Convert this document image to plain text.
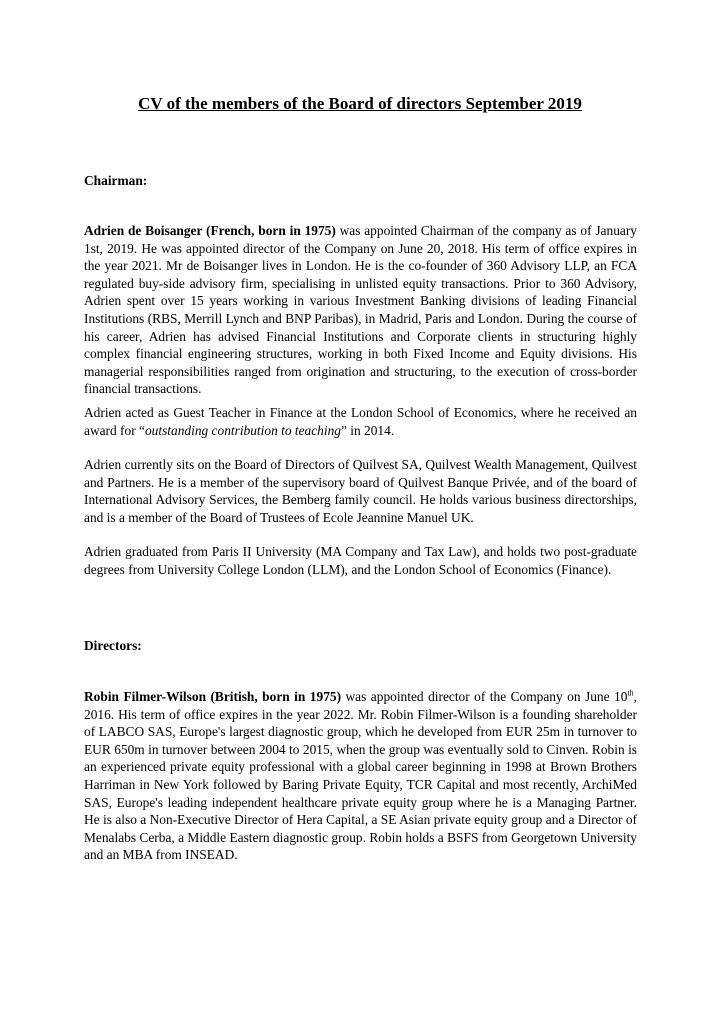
CV of the members of the Board of directors September 2019
Chairman:

Adrien de Boisanger (French, born in 1975) was appointed Chairman of the company as of January 1st, 2019. He was appointed director of the Company on June 20, 2018. His term of office expires in the year 2021. Mr de Boisanger lives in London. He is the co-founder of 360 Advisory LLP, an FCA regulated buy-side advisory firm, specialising in unlisted equity transactions. Prior to 360 Advisory, Adrien spent over 15 years working in various Investment Banking divisions of leading Financial Institutions (RBS, Merrill Lynch and BNP Paribas), in Madrid, Paris and London. During the course of his career, Adrien has advised Financial Institutions and Corporate clients in structuring highly complex financial engineering structures, working in both Fixed Income and Equity divisions. His managerial responsibilities ranged from origination and structuring, to the execution of cross-border financial transactions.

Adrien acted as Guest Teacher in Finance at the London School of Economics, where he received an award for “outstanding contribution to teaching” in 2014.

Adrien currently sits on the Board of Directors of Quilvest SA, Quilvest Wealth Management, Quilvest and Partners. He is a member of the supervisory board of Quilvest Banque Privée, and of the board of International Advisory Services, the Bemberg family council. He holds various business directorships, and is a member of the Board of Trustees of Ecole Jeannine Manuel UK.

Adrien graduated from Paris II University (MA Company and Tax Law), and holds two post-graduate degrees from University College London (LLM), and the London School of Economics (Finance).

Directors:

Robin Filmer-Wilson (British, born in 1975) was appointed director of the Company on June 10th, 2016. His term of office expires in the year 2022. Mr. Robin Filmer-Wilson is a founding shareholder of LABCO SAS, Europe's largest diagnostic group, which he developed from EUR 25m in turnover to EUR 650m in turnover between 2004 to 2015, when the group was eventually sold to Cinven. Robin is an experienced private equity professional with a global career beginning in 1998 at Brown Brothers Harriman in New York followed by Baring Private Equity, TCR Capital and most recently, ArchiMed SAS, Europe's leading independent healthcare private equity group where he is a Managing Partner. He is also a Non-Executive Director of Hera Capital, a SE Asian private equity group and a Director of Menalabs Cerba, a Middle Eastern diagnostic group. Robin holds a BSFS from Georgetown University and an MBA from INSEAD.
